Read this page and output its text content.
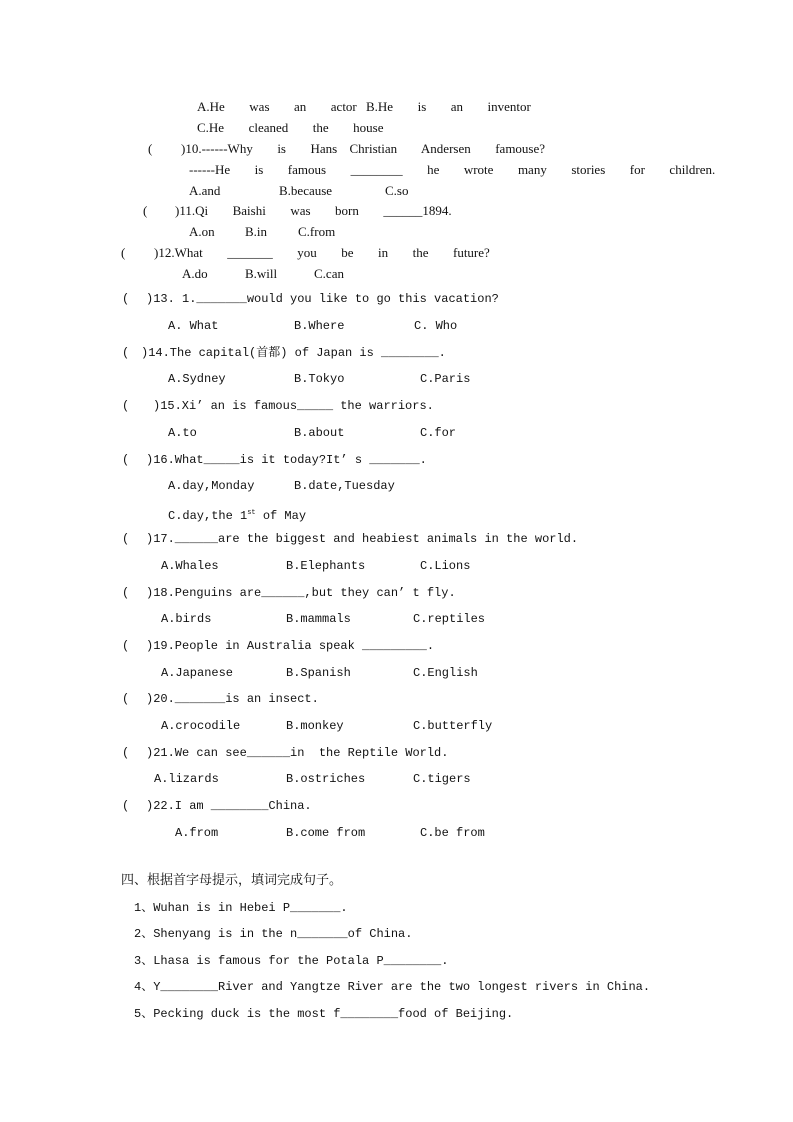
A.He  was  an  actor B.He  is  an  inventor
C.He  cleaned  the  house
( )10.------Why  is  Hans Christian  Andersen  famouse?
------He  is  famous  ________  he  wrote  many  stories  for  children.
A.and	B.because	C.so
( )11.Qi  Baishi  was  born  ______1894.
A.on B.in C.from
( )12.What  _______  you  be  in  the  future?
A.do	B.will	C.can
( )13. 1._______would you like to go this vacation?
A. What	B.Where	C. Who
( )14.The capital(首都) of Japan is ________.
A.Sydney	B.Tokyo	C.Paris
( )15.Xi’ an is famous_____ the warriors.
A.to	B.about	C.for
( )16.What_____is it today?It’ s _______.
A.day,Monday	B.date,Tuesday
C.day,the 1st of May
( )17.______are the biggest and heabiest animals in the world.
A.Whales	B.Elephants	C.Lions
( )18.Penguins are______,but they can’ t fly.
A.birds	B.mammals	C.reptiles
( )19.People in Australia speak _________.
A.Japanese	B.Spanish	C.English
( )20._______is an insect.
A.crocodile	B.monkey	C.butterfly
( )21.We can see______in  the Reptile World.
A.lizards	B.ostriches	C.tigers
( )22.I am ________China.
A.from	B.come from	C.be from
四、根据首字母提示，填词完成句子。
1、Wuhan is in Hebei P_______.
2、Shenyang is in the n_______of China.
3、Lhasa is famous for the Potala P________.
4、Y________River and Yangtze River are the two longest rivers in China.
5、Pecking duck is the most f________food of Beijing.
